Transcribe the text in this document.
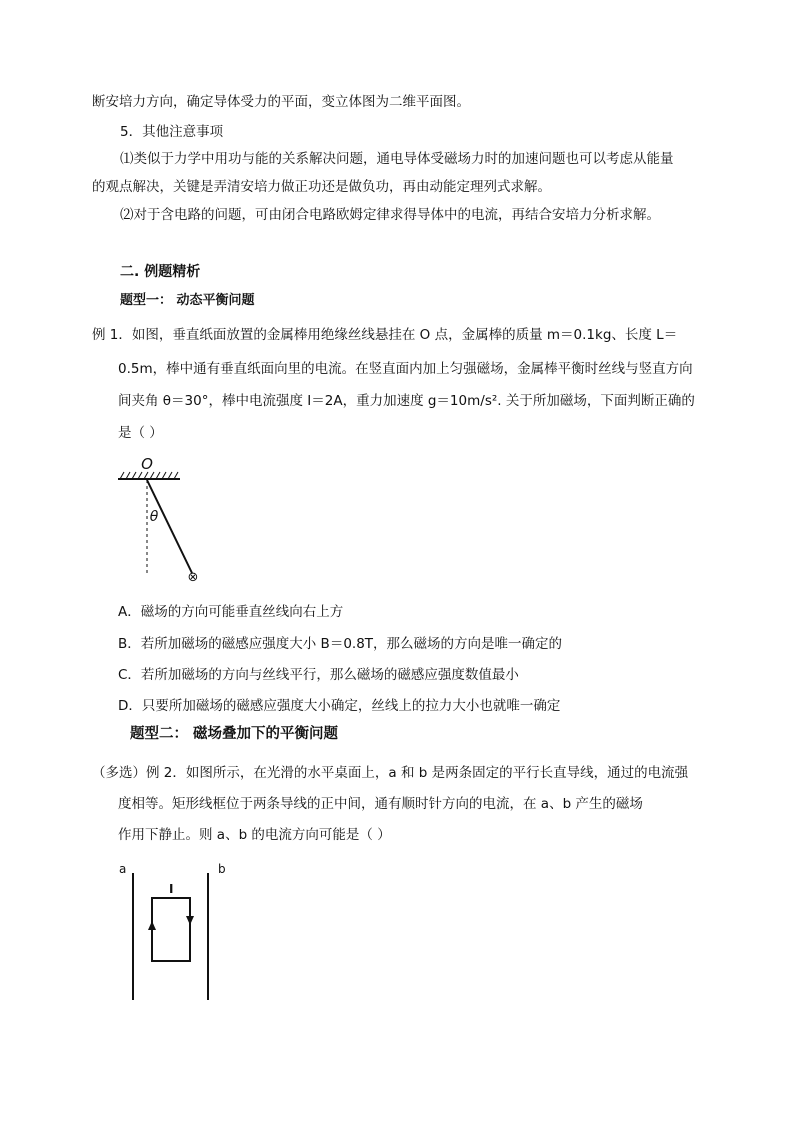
断安培力方向，确定导体受力的平面，变立体图为二维平面图。
5．其他注意事项
⑴类似于力学中用功与能的关系解决问题，通电导体受磁场力时的加速问题也可以考虑从能量
的观点解决，关键是弄清安培力做正功还是做负功，再由动能定理列式求解。
⑵对于含电路的问题，可由闭合电路欧姆定律求得导体中的电流，再结合安培力分析求解。
二. 例题精析
题型一： 动态平衡问题
例 1．如图，垂直纸面放置的金属棒用绝缘丝线悬挂在 O 点，金属棒的质量 m＝0.1kg、长度 L＝
0.5m，棒中通有垂直纸面向里的电流。在竖直面内加上匀强磁场，金属棒平衡时丝线与竖直方向
间夹角 θ＝30°，棒中电流强度 I＝2A，重力加速度 g＝10m/s². 关于所加磁场，下面判断正确的
是（ ）
⊗
O
θ
A．磁场的方向可能垂直丝线向右上方
B．若所加磁场的磁感应强度大小 B＝0.8T，那么磁场的方向是唯一确定的
C．若所加磁场的方向与丝线平行，那么磁场的磁感应强度数值最小
D．只要所加磁场的磁感应强度大小确定，丝线上的拉力大小也就唯一确定
题型二： 磁场叠加下的平衡问题
（多选）例 2．如图所示，在光滑的水平桌面上，a 和 b 是两条固定的平行长直导线，通过的电流强
度相等。矩形线框位于两条导线的正中间，通有顺时针方向的电流，在 a、b 产生的磁场
作用下静止。则 a、b 的电流方向可能是（ ）
a	b
I
